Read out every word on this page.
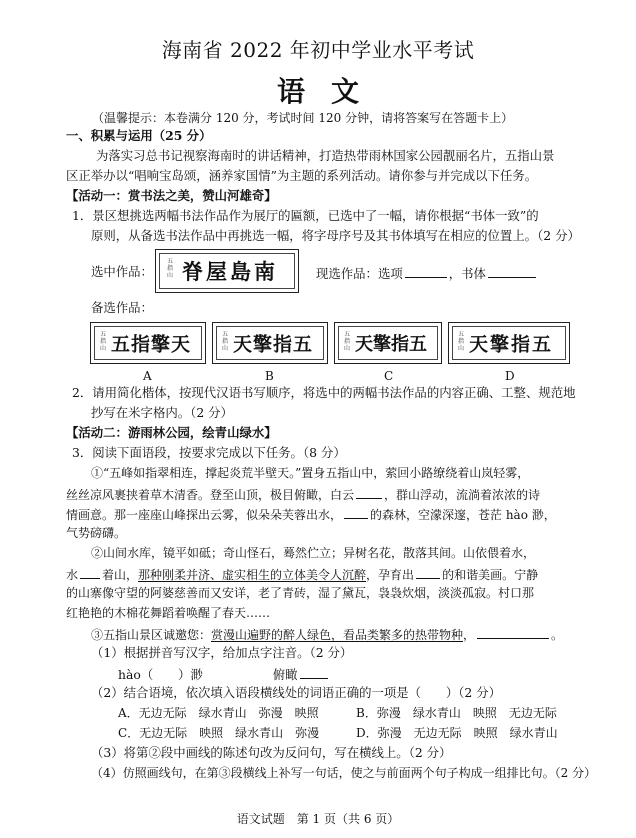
海南省 2022 年初中学业水平考试
语文
（温馨提示：本卷满分 120 分，考试时间 120 分钟，请将答案写在答题卡上）
一、积累与运用（25 分）
为落实习总书记视察海南时的讲话精神，打造热带雨林国家公园靓丽名片，五指山景
区正举办以“唱响宝岛颂，涵养家国情”为主题的系列活动。请你参与并完成以下任务。
【活动一：赏书法之美，赞山河雄奇】
1．景区想挑选两幅书法作品作为展厅的匾额，已选中了一幅，请你根据“书体一致”的
原则，从备选书法作品中再挑选一幅，将字母序号及其书体填写在相应的位置上。（2 分）
选中作品：
五指山 脊屋島南	现选作品：选项	，书体
备选作品：
五指山 五指擎天	五指山 天擎指五	五指山 天擎指五	五指山 天擎指五
A	B	C	D
2．请用简化楷体，按现代汉语书写顺序，将选中的两幅书法作品的内容正确、工整、规范地
抄写在米字格内。（2 分）
【活动二：游雨林公园，绘青山绿水】
3．阅读下面语段，按要求完成以下任务。（8 分）
①“五峰如指翠相连，撑起炎荒半壁天。”置身五指山中，萦回小路缭绕着山岚轻雾，
丝丝凉风裹挟着草木清香。登至山顶，极目俯瞰，白云	，群山浮动，流淌着浓浓的诗
情画意。那一座座山峰探出云雾，似朵朵芙蓉出水， 的森林，空濛深邃，苍茫 hào 渺，
气势磅礴。
②山间水库，镜平如砥；奇山怪石，蓦然伫立；异树名花，散落其间。山依偎着水，
水 着山，那种刚柔并济、虚实相生的立体美令人沉醉，孕育出 的和谐美画。宁静
的山寨像守望的阿婆慈善而又安详，老了青砖，湿了黛瓦，袅袅炊烟，淡淡孤寂。村口那
红艳艳的木棉花舞蹈着唤醒了春天……
③五指山景区诚邀您：赏漫山遍野的醉人绿色，看品类繁多的热带物种，	。
（1）根据拼音写汉字，给加点字注音。（2 分）
hào（　　）渺	俯瞰
（2）结合语境，依次填入语段横线处的词语正确的一项是（　　）（2 分）
A．无边无际　绿水青山　弥漫　映照	B．弥漫　绿水青山　映照　无边无际
C．无边无际　映照　绿水青山　弥漫	D．弥漫　无边无际　映照　绿水青山
（3）将第②段中画线的陈述句改为反问句，写在横线上。（2 分）
（4）仿照画线句，在第③段横线上补写一句话，使之与前面两个句子构成一组排比句。（2 分）
语文试题　第 1 页（共 6 页）
